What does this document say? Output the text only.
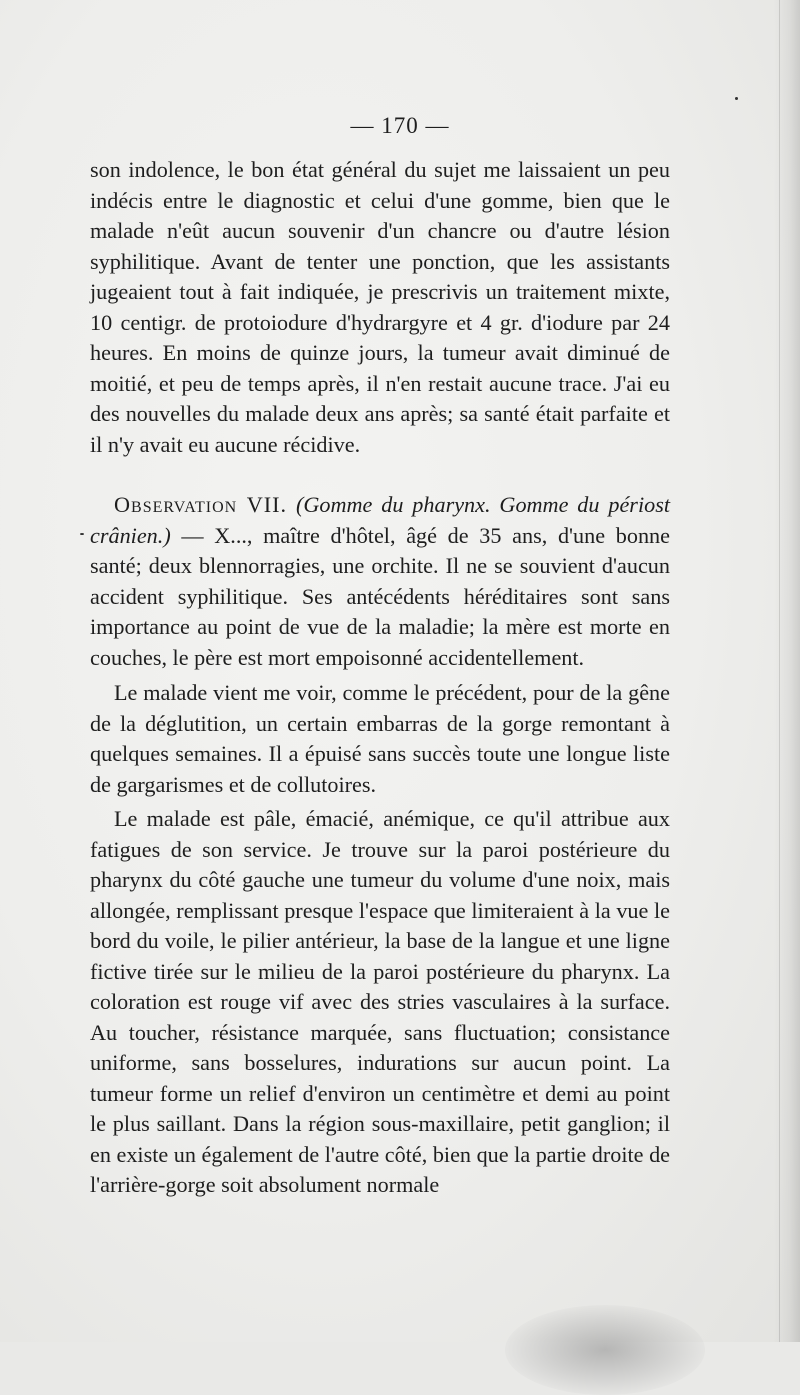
— 170 —

son indolence, le bon état général du sujet me laissaient un peu indécis entre le diagnostic et celui d'une gomme, bien que le malade n'eût aucun souvenir d'un chancre ou d'autre lésion syphilitique. Avant de tenter une ponction, que les assistants jugeaient tout à fait indiquée, je prescrivis un traitement mixte, 10 centigr. de protoiodure d'hydrargyre et 4 gr. d'iodure par 24 heures. En moins de quinze jours, la tumeur avait diminué de moitié, et peu de temps après, il n'en restait aucune trace. J'ai eu des nouvelles du malade deux ans après; sa santé était parfaite et il n'y avait eu aucune récidive.

Observation VII. (Gomme du pharynx. Gomme du périost crânien.) — X..., maître d'hôtel, âgé de 35 ans, d'une bonne santé; deux blennorragies, une orchite. Il ne se souvient d'aucun accident syphilitique. Ses antécédents héréditaires sont sans importance au point de vue de la maladie; la mère est morte en couches, le père est mort empoisonné accidentellement.

Le malade vient me voir, comme le précédent, pour de la gêne de la déglutition, un certain embarras de la gorge remontant à quelques semaines. Il a épuisé sans succès toute une longue liste de gargarismes et de collutoires.

Le malade est pâle, émacié, anémique, ce qu'il attribue aux fatigues de son service. Je trouve sur la paroi postérieure du pharynx du côté gauche une tumeur du volume d'une noix, mais allongée, remplissant presque l'espace que limiteraient à la vue le bord du voile, le pilier antérieur, la base de la langue et une ligne fictive tirée sur le milieu de la paroi postérieure du pharynx. La coloration est rouge vif avec des stries vasculaires à la surface. Au toucher, résistance marquée, sans fluctuation; consistance uniforme, sans bosselures, indurations sur aucun point. La tumeur forme un relief d'environ un centimètre et demi au point le plus saillant. Dans la région sous-maxillaire, petit ganglion; il en existe un également de l'autre côté, bien que la partie droite de l'arrière-gorge soit absolument normale
